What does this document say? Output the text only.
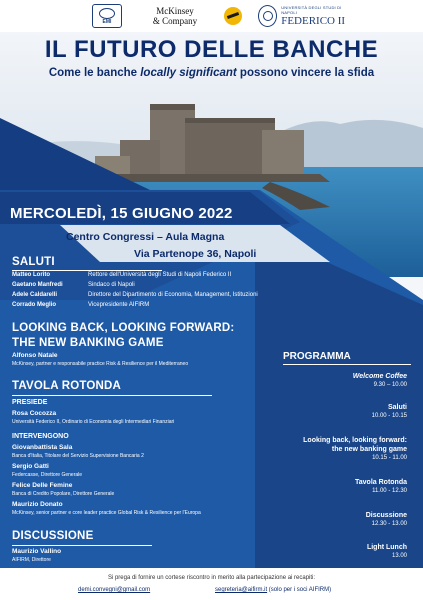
EMI
McKinsey
& Company
UNIVERSITÀ DEGLI STUDI DI NAPOLI
FEDERICO II
IL FUTURO DELLE BANCHE
Come le banche locally significant possono vincere la sfida
MERCOLEDÌ, 15 GIUGNO 2022
Centro Congressi – Aula Magna
Via Partenope 36, Napoli
SALUTI
Matteo Lorito	Rettore dell'Università degli Studi di Napoli Federico II
Gaetano Manfredi	Sindaco di Napoli
Adele Caldarelli	Direttore del Dipartimento di Economia, Management, Istituzioni
Corrado Meglio	Vicepresidente AIFIRM
LOOKING BACK, LOOKING FORWARD:
THE NEW BANKING GAME
Alfonso Natale
McKinsey, partner e responsabile practice Risk & Resilience per il Mediterraneo
TAVOLA ROTONDA
PRESIEDE
Rosa Cocozza
Università Federico II, Ordinario di Economia degli Intermediari Finanziari
INTERVENGONO
Giovanbattista Sala
Banca d'Italia, Titolare del Servizio Supervisione Bancaria 2
Sergio Gatti
Federcasse, Direttore Generale
Felice Delle Femine
Banca di Credito Popolare, Direttore Generale
Maurizio Donato
McKinsey, senior partner e core leader practice Global Risk & Resilience per l'Europa
DISCUSSIONE
Maurizio Vallino
AIFIRM, Direttore
PROGRAMMA
Welcome Coffee
9.30 – 10.00
Saluti
10.00 - 10.15
Looking back, looking forward:
the new banking game
10.15 - 11.00
Tavola Rotonda
11.00 - 12.30
Discussione
12.30 - 13.00
Light Lunch
13.00
Si prega di fornire un cortese riscontro in merito alla partecipazione ai recapiti:
demi.convegni@gmail.com	segreteria@aifirm.it (solo per i soci AIFIRM)
